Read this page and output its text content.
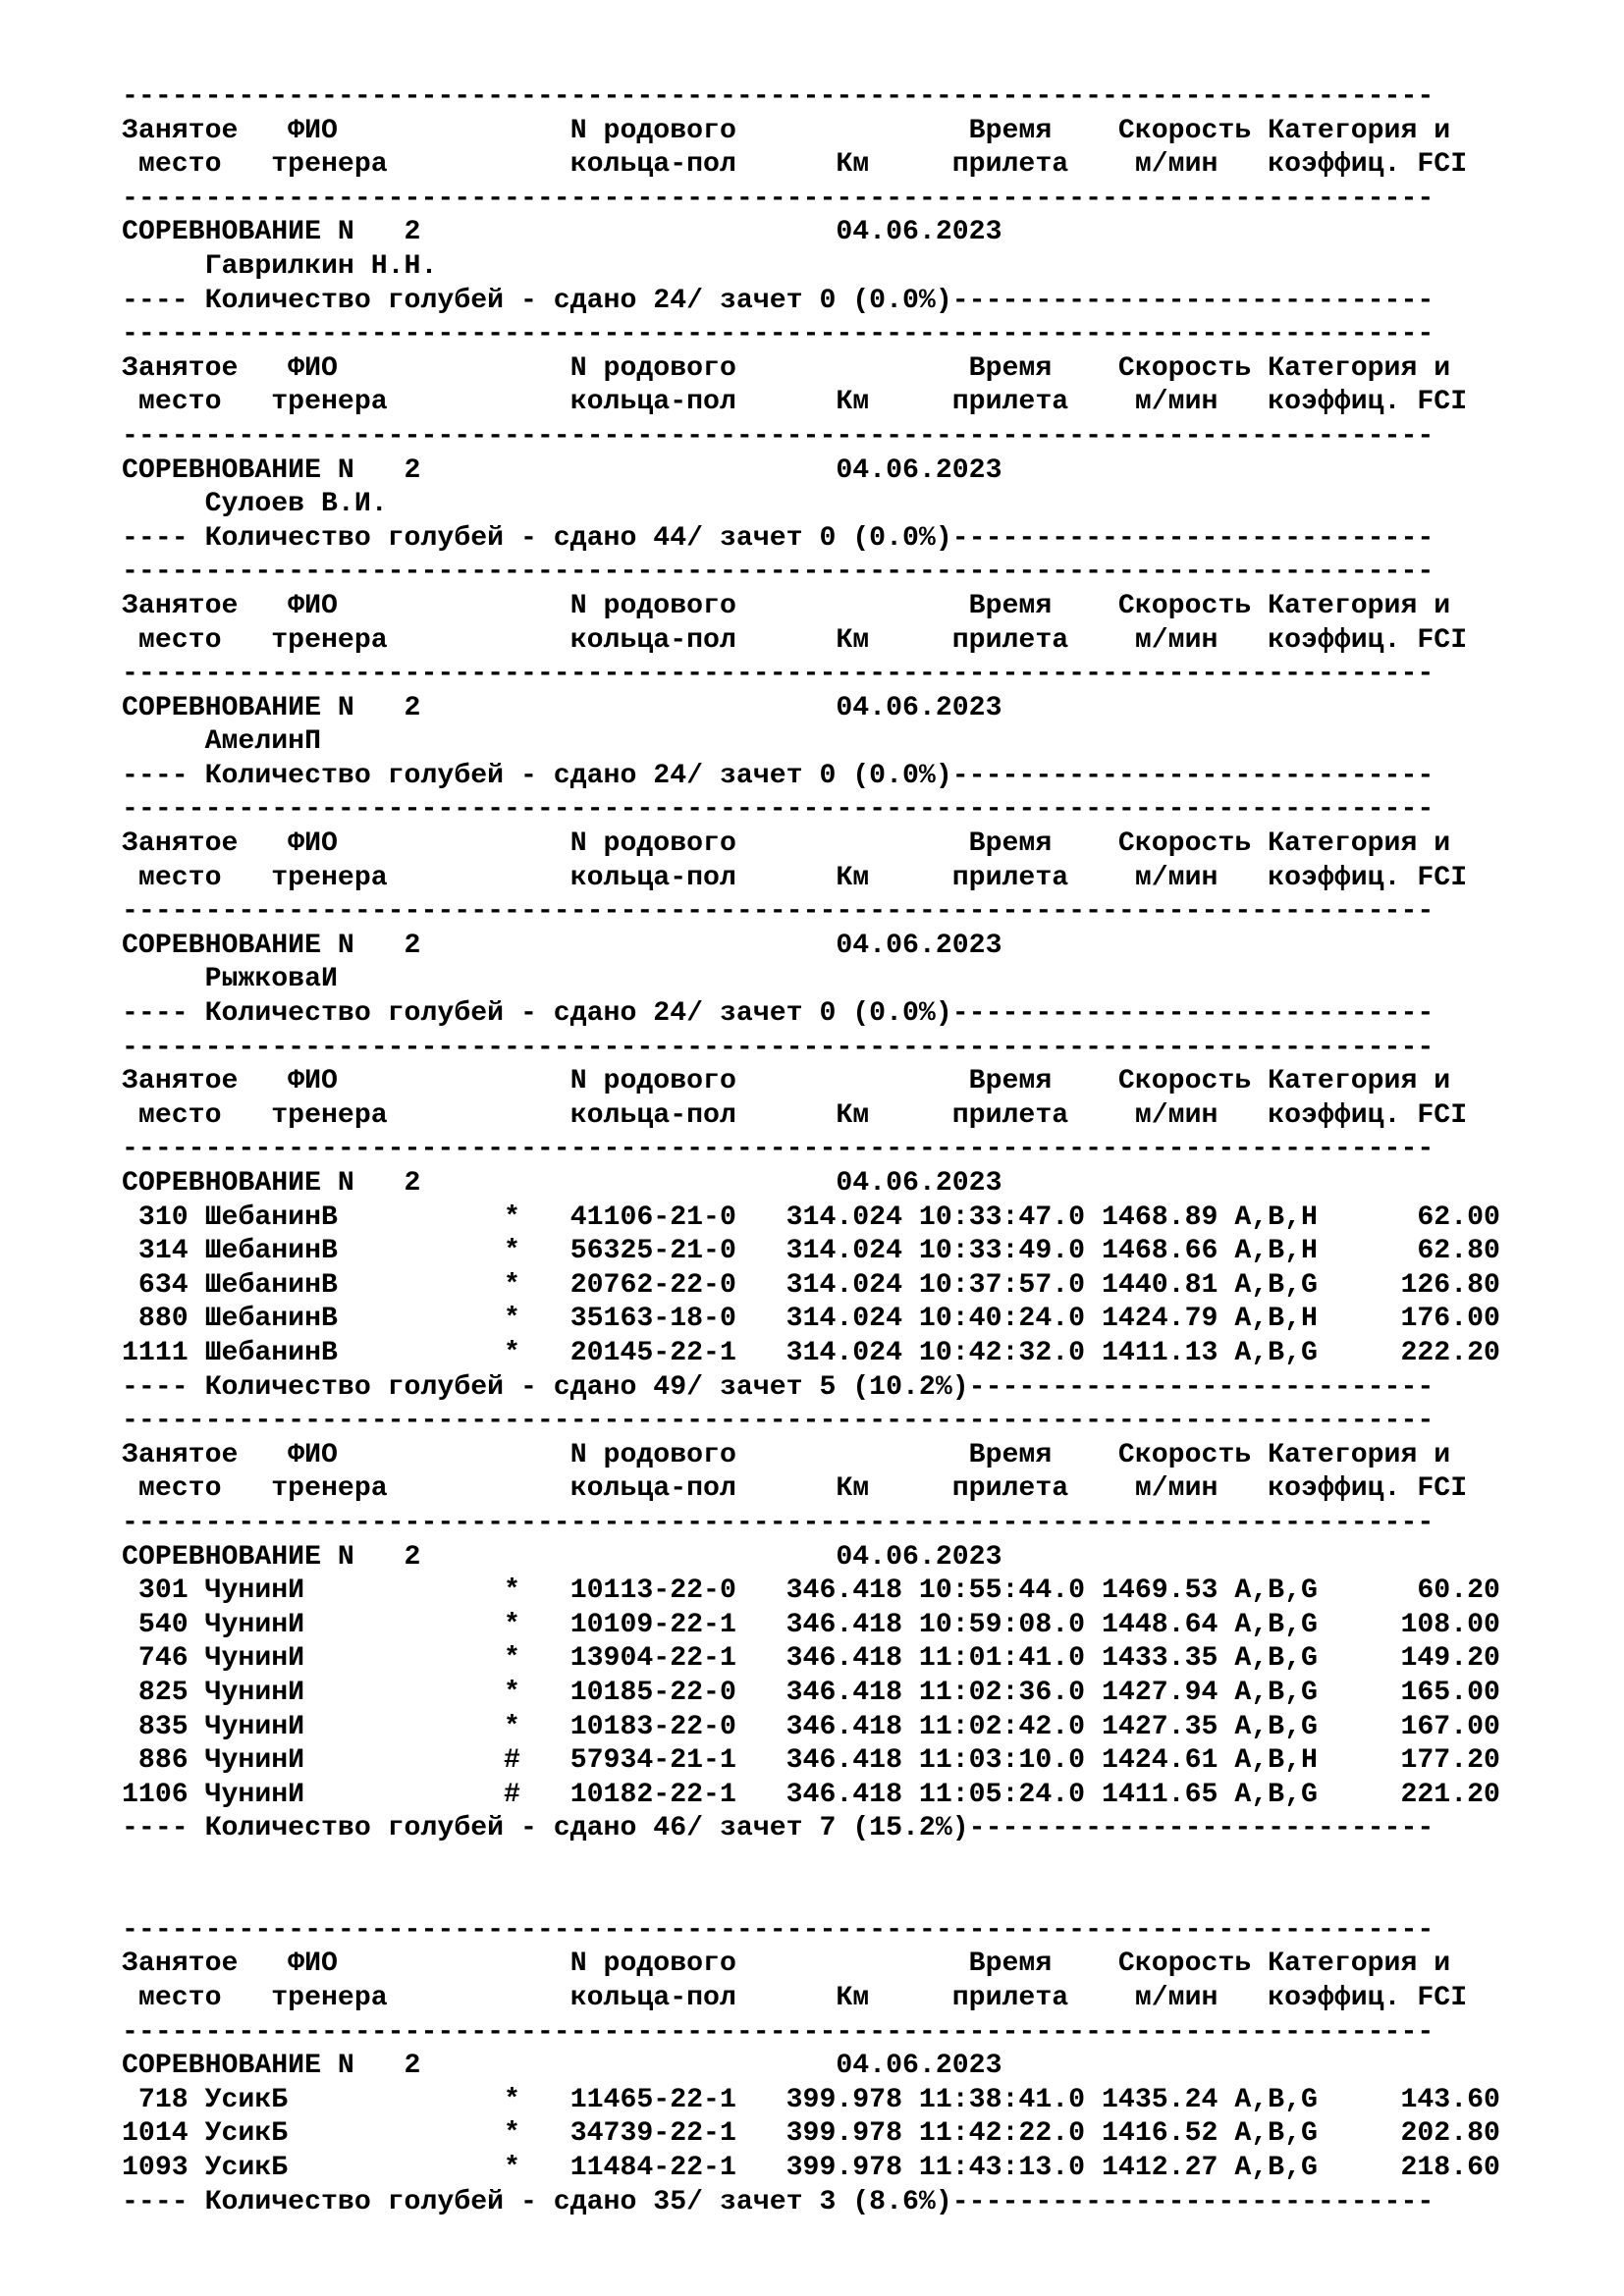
-------------------------------------------------------------------------------
Занятое   ФИО              N родового              Время    Скорость Категория и
место   тренера           кольца-пол      Км     прилета    м/мин   коэффиц. FCI
-------------------------------------------------------------------------------
СОРЕВНОВАНИЕ N   2                         04.06.2023
Гаврилкин Н.Н.
---- Количество голубей - сдано 24/ зачет 0 (0.0%)-----------------------------
-------------------------------------------------------------------------------
Занятое   ФИО              N родового              Время    Скорость Категория и
место   тренера           кольца-пол      Км     прилета    м/мин   коэффиц. FCI
-------------------------------------------------------------------------------
СОРЕВНОВАНИЕ N   2                         04.06.2023
Сулоев В.И.
---- Количество голубей - сдано 44/ зачет 0 (0.0%)-----------------------------
-------------------------------------------------------------------------------
Занятое   ФИО              N родового              Время    Скорость Категория и
место   тренера           кольца-пол      Км     прилета    м/мин   коэффиц. FCI
-------------------------------------------------------------------------------
СОРЕВНОВАНИЕ N   2                         04.06.2023
АмелинП
---- Количество голубей - сдано 24/ зачет 0 (0.0%)-----------------------------
-------------------------------------------------------------------------------
Занятое   ФИО              N родового              Время    Скорость Категория и
место   тренера           кольца-пол      Км     прилета    м/мин   коэффиц. FCI
-------------------------------------------------------------------------------
СОРЕВНОВАНИЕ N   2                         04.06.2023
РыжковаИ
---- Количество голубей - сдано 24/ зачет 0 (0.0%)-----------------------------
-------------------------------------------------------------------------------
Занятое   ФИО              N родового              Время    Скорость Категория и
место   тренера           кольца-пол      Км     прилета    м/мин   коэффиц. FCI
-------------------------------------------------------------------------------
СОРЕВНОВАНИЕ N   2                         04.06.2023
310 ШебанинВ          *   41106-21-0   314.024 10:33:47.0 1468.89 A,B,H      62.00
314 ШебанинВ          *   56325-21-0   314.024 10:33:49.0 1468.66 A,B,H      62.80
634 ШебанинВ          *   20762-22-0   314.024 10:37:57.0 1440.81 A,B,G     126.80
880 ШебанинВ          *   35163-18-0   314.024 10:40:24.0 1424.79 A,B,H     176.00
1111 ШебанинВ          *   20145-22-1   314.024 10:42:32.0 1411.13 A,B,G     222.20
---- Количество голубей - сдано 49/ зачет 5 (10.2%)----------------------------
-------------------------------------------------------------------------------
Занятое   ФИО              N родового              Время    Скорость Категория и
место   тренера           кольца-пол      Км     прилета    м/мин   коэффиц. FCI
-------------------------------------------------------------------------------
СОРЕВНОВАНИЕ N   2                         04.06.2023
301 ЧунинИ            *   10113-22-0   346.418 10:55:44.0 1469.53 A,B,G      60.20
540 ЧунинИ            *   10109-22-1   346.418 10:59:08.0 1448.64 A,B,G     108.00
746 ЧунинИ            *   13904-22-1   346.418 11:01:41.0 1433.35 A,B,G     149.20
825 ЧунинИ            *   10185-22-0   346.418 11:02:36.0 1427.94 A,B,G     165.00
835 ЧунинИ            *   10183-22-0   346.418 11:02:42.0 1427.35 A,B,G     167.00
886 ЧунинИ            #   57934-21-1   346.418 11:03:10.0 1424.61 A,B,H     177.20
1106 ЧунинИ            #   10182-22-1   346.418 11:05:24.0 1411.65 A,B,G     221.20
---- Количество голубей - сдано 46/ зачет 7 (15.2%)----------------------------
-------------------------------------------------------------------------------
Занятое   ФИО              N родового              Время    Скорость Категория и
место   тренера           кольца-пол      Км     прилета    м/мин   коэффиц. FCI
-------------------------------------------------------------------------------
СОРЕВНОВАНИЕ N   2                         04.06.2023
718 УсикБ             *   11465-22-1   399.978 11:38:41.0 1435.24 A,B,G     143.60
1014 УсикБ             *   34739-22-1   399.978 11:42:22.0 1416.52 A,B,G     202.80
1093 УсикБ             *   11484-22-1   399.978 11:43:13.0 1412.27 A,B,G     218.60
---- Количество голубей - сдано 35/ зачет 3 (8.6%)-----------------------------
